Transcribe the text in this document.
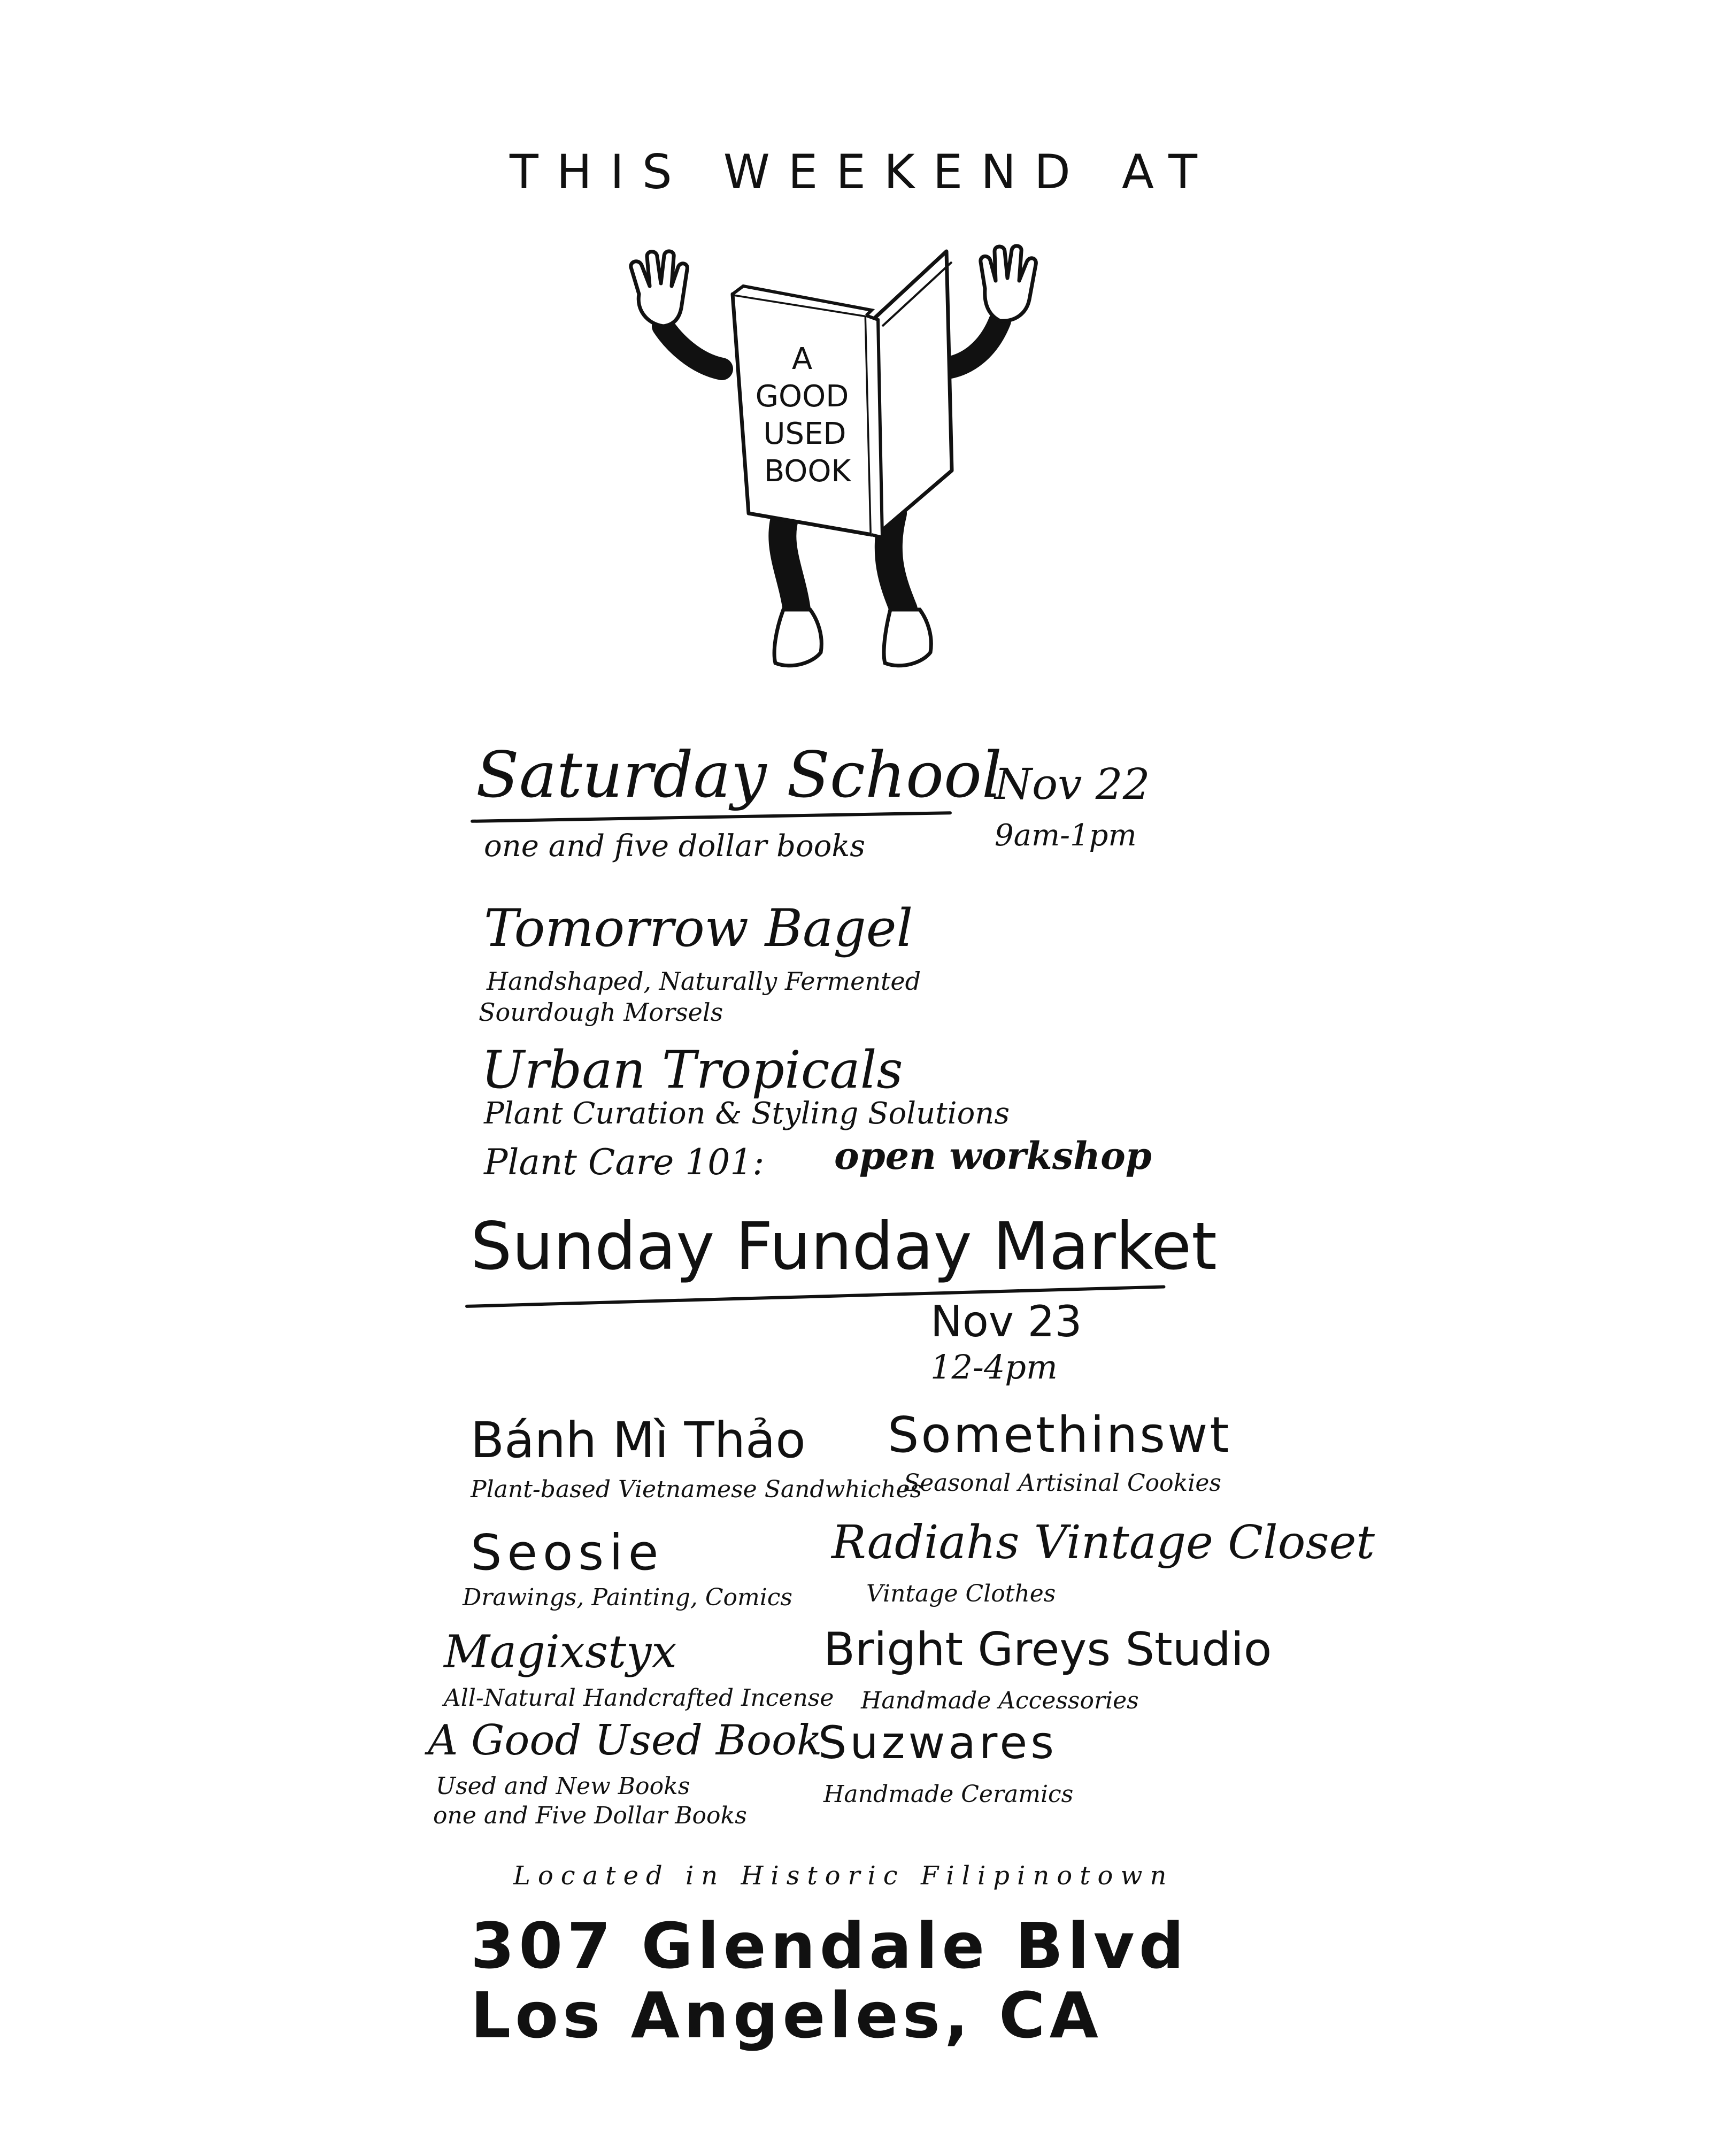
THIS WEEKEND AT
A
GOOD
USED
BOOK
Saturday School
one and five dollar books
Nov 22
9am-1pm
Tomorrow Bagel
Handshaped, Naturally Fermented
Sourdough Morsels
Urban Tropicals
Plant Curation & Styling Solutions
Plant Care 101: open workshop
Sunday Funday Market
Nov 23
12-4pm
Bánh Mì Thảo
Plant-based Vietnamese Sandwhiches
Somethinswt
Seasonal Artisinal Cookies
Seosie
Drawings, Painting, Comics
Radiahs Vintage Closet
Vintage Clothes
Magixstyx
All-Natural Handcrafted Incense
Bright Greys Studio
Handmade Accessories
A Good Used Book
Used and New Books
one and Five Dollar Books
Suzwares
Handmade Ceramics
Located in Historic Filipinotown
307 Glendale Blvd
Los Angeles, CA
